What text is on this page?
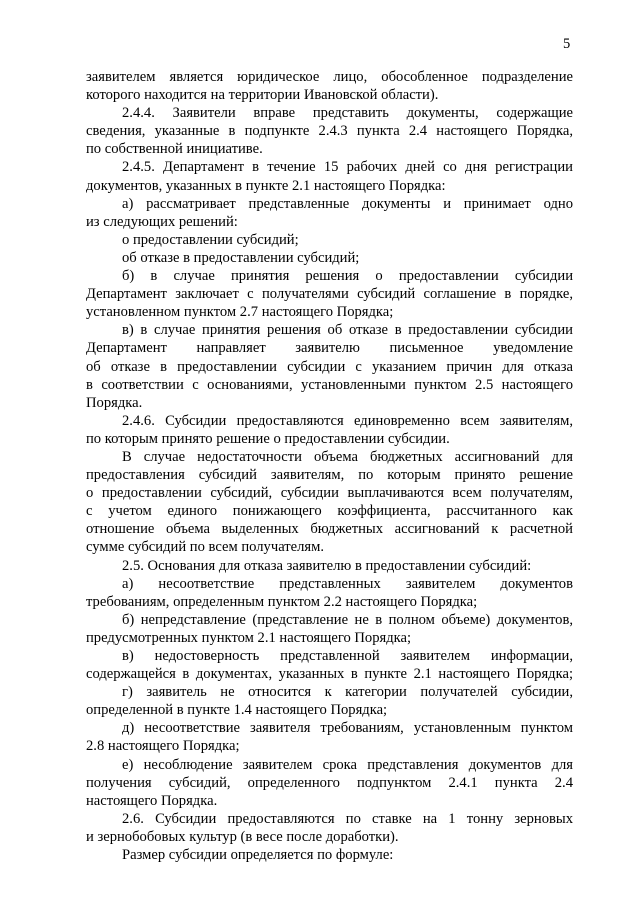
5
заявителем является юридическое лицо, обособленное подразделение
которого находится на территории Ивановской области).
2.4.4. Заявители вправе представить документы, содержащие
сведения, указанные в подпункте 2.4.3 пункта 2.4 настоящего Порядка,
по собственной инициативе.
2.4.5. Департамент в течение 15 рабочих дней со дня регистрации
документов, указанных в пункте 2.1 настоящего Порядка:
а) рассматривает представленные документы и принимает одно
из следующих решений:
о предоставлении субсидий;
об отказе в предоставлении субсидий;
б) в случае принятия решения о предоставлении субсидии
Департамент заключает с получателями субсидий соглашение в порядке,
установленном пунктом 2.7 настоящего Порядка;
в) в случае принятия решения об отказе в предоставлении субсидии
Департамент направляет заявителю письменное уведомление
об отказе в предоставлении субсидии с указанием причин для отказа
в соответствии с основаниями, установленными пунктом 2.5 настоящего
Порядка.
2.4.6. Субсидии предоставляются единовременно всем заявителям,
по которым принято решение о предоставлении субсидии.
В случае недостаточности объема бюджетных ассигнований для
предоставления субсидий заявителям, по которым принято решение
о предоставлении субсидий, субсидии выплачиваются всем получателям,
с учетом единого понижающего коэффициента, рассчитанного как
отношение объема выделенных бюджетных ассигнований к расчетной
сумме субсидий по всем получателям.
2.5. Основания для отказа заявителю в предоставлении субсидий:
а) несоответствие представленных заявителем документов
требованиям, определенным пунктом 2.2 настоящего Порядка;
б) непредставление (представление не в полном объеме) документов,
предусмотренных пунктом 2.1 настоящего Порядка;
в) недостоверность представленной заявителем информации,
содержащейся в документах, указанных в пункте 2.1 настоящего Порядка;
г) заявитель не относится к категории получателей субсидии,
определенной в пункте 1.4 настоящего Порядка;
д) несоответствие заявителя требованиям, установленным пунктом
2.8 настоящего Порядка;
е) несоблюдение заявителем срока представления документов для
получения субсидий, определенного подпунктом 2.4.1 пункта 2.4
настоящего Порядка.
2.6. Субсидии предоставляются по ставке на 1 тонну зерновых
и зернобобовых культур (в весе после доработки).
Размер субсидии определяется по формуле:
